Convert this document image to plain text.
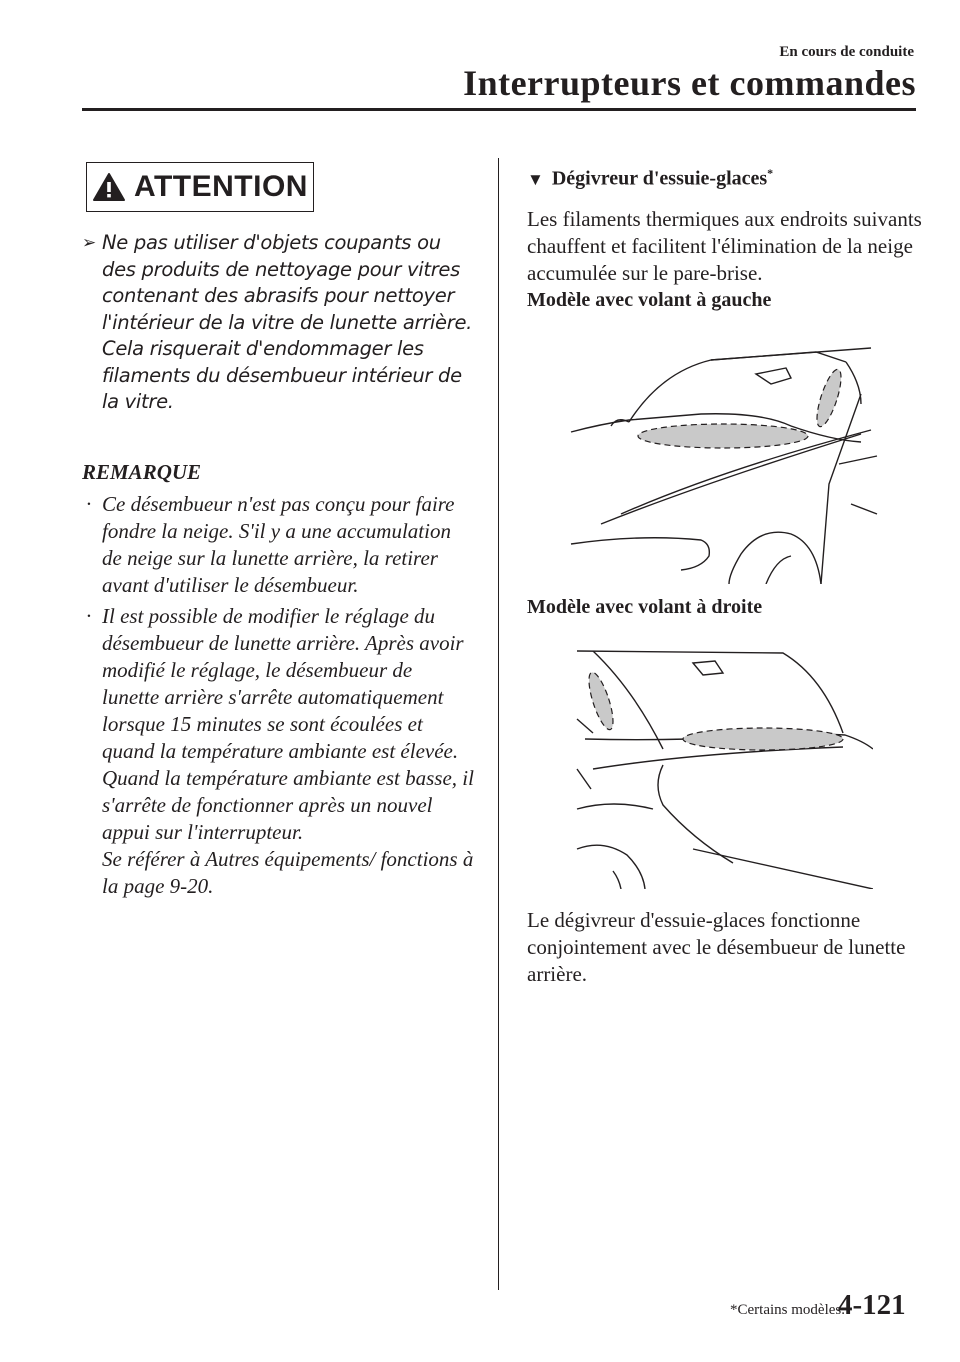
En cours de conduite
Interrupteurs et commandes
ATTENTION
➢ Ne pas utiliser d'objets coupants ou des produits de nettoyage pour vitres contenant des abrasifs pour nettoyer l'intérieur de la vitre de lunette arrière. Cela risquerait d'endommager les filaments du désembueur intérieur de la vitre.
REMARQUE
· Ce désembueur n'est pas conçu pour faire fondre la neige. S'il y a une accumulation de neige sur la lunette arrière, la retirer avant d'utiliser le désembueur.
· Il est possible de modifier le réglage du désembueur de lunette arrière. Après avoir modifié le réglage, le désembueur de lunette arrière s'arrête automatiquement lorsque 15 minutes se sont écoulées et quand la température ambiante est élevée. Quand la température ambiante est basse, il s'arrête de fonctionner après un nouvel appui sur l'interrupteur.
Se référer à Autres équipements/ fonctions à la page 9-20.
▼ Dégivreur d'essuie-glaces*
Les filaments thermiques aux endroits suivants chauffent et facilitent l'élimination de la neige accumulée sur le pare-brise.
Modèle avec volant à gauche
Modèle avec volant à droite
Le dégivreur d'essuie-glaces fonctionne conjointement avec le désembueur de lunette arrière.
*Certains modèles.
4-121
